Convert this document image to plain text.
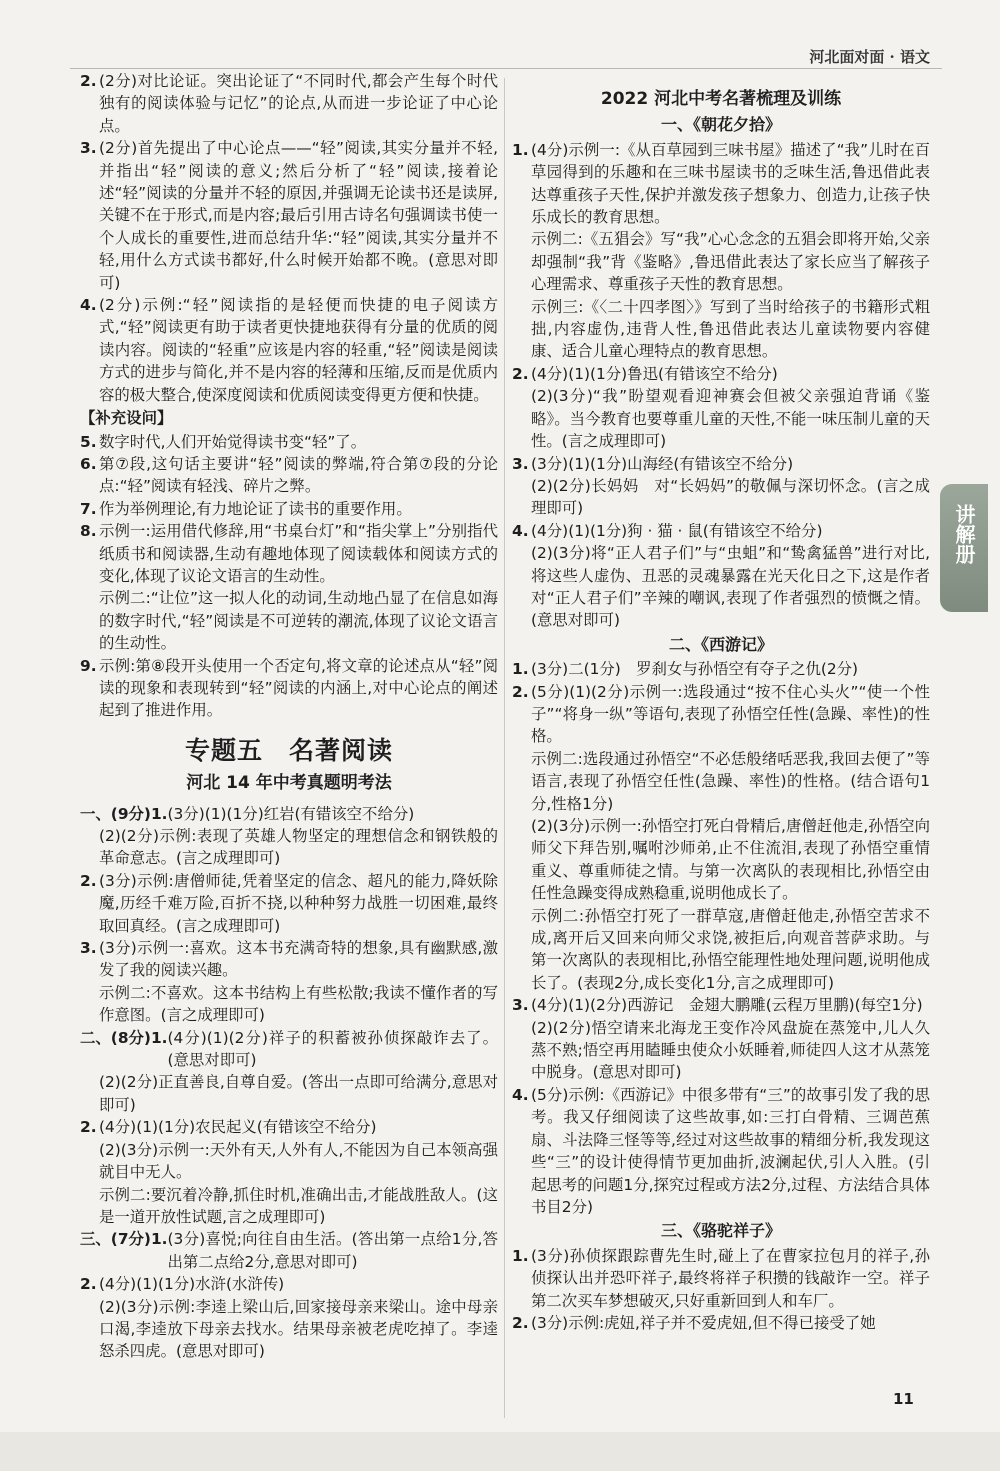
河北面对面 · 语文
2. (2分)对比论证。突出论证了“不同时代,都会产生每个时代独有的阅读体验与记忆”的论点,从而进一步论证了中心论点。
3. (2分)首先提出了中心论点——“轻”阅读,其实分量并不轻,并指出“轻”阅读的意义;然后分析了“轻”阅读,接着论述“轻”阅读的分量并不轻的原因,并强调无论读书还是读屏,关键不在于形式,而是内容;最后引用古诗名句强调读书使一个人成长的重要性,进而总结升华:“轻”阅读,其实分量并不轻,用什么方式读书都好,什么时候开始都不晚。(意思对即可)
4. (2分)示例:“轻”阅读指的是轻便而快捷的电子阅读方式,“轻”阅读更有助于读者更快捷地获得有分量的优质的阅读内容。阅读的“轻重”应该是内容的轻重,“轻”阅读是阅读方式的进步与简化,并不是内容的轻薄和压缩,反而是优质内容的极大整合,使深度阅读和优质阅读变得更方便和快捷。
【补充设问】
5. 数字时代,人们开始觉得读书变“轻”了。
6. 第⑦段,这句话主要讲“轻”阅读的弊端,符合第⑦段的分论点:“轻”阅读有轻浅、碎片之弊。
7. 作为举例理论,有力地论证了读书的重要作用。
8. 示例一:运用借代修辞,用“书桌台灯”和“指尖掌上”分别指代纸质书和阅读器,生动有趣地体现了阅读载体和阅读方式的变化,体现了议论文语言的生动性。
示例二:“让位”这一拟人化的动词,生动地凸显了在信息如海的数字时代,“轻”阅读是不可逆转的潮流,体现了议论文语言的生动性。
9. 示例:第⑧段开头使用一个否定句,将文章的论述点从“轻”阅读的现象和表现转到“轻”阅读的内涵上,对中心论点的阐述起到了推进作用。
专题五　名著阅读
河北 14 年中考真题明考法
一、(9分)1. (3分)(1)(1分)红岩(有错该空不给分)
(2)(2分)示例:表现了英雄人物坚定的理想信念和钢铁般的革命意志。(言之成理即可)
2. (3分)示例:唐僧师徒,凭着坚定的信念、超凡的能力,降妖除魔,历经千难万险,百折不挠,以种种努力战胜一切困难,最终取回真经。(言之成理即可)
3. (3分)示例一:喜欢。这本书充满奇特的想象,具有幽默感,激发了我的阅读兴趣。
示例二:不喜欢。这本书结构上有些松散;我读不懂作者的写作意图。(言之成理即可)
二、(8分)1. (4分)(1)(2分)祥子的积蓄被孙侦探敲诈去了。(意思对即可)
(2)(2分)正直善良,自尊自爱。(答出一点即可给满分,意思对即可)
2. (4分)(1)(1分)农民起义(有错该空不给分)
(2)(3分)示例一:天外有天,人外有人,不能因为自己本领高强就目中无人。
示例二:要沉着冷静,抓住时机,准确出击,才能战胜敌人。(这是一道开放性试题,言之成理即可)
三、(7分)1. (3分)喜悦;向往自由生活。(答出第一点给1分,答出第二点给2分,意思对即可)
2. (4分)(1)(1分)水浒(水浒传)
(2)(3分)示例:李逵上梁山后,回家接母亲来梁山。途中母亲口渴,李逵放下母亲去找水。结果母亲被老虎吃掉了。李逵怒杀四虎。(意思对即可)
2022 河北中考名著梳理及训练
一、《朝花夕拾》
1. (4分)示例一:《从百草园到三味书屋》描述了“我”儿时在百草园得到的乐趣和在三味书屋读书的乏味生活,鲁迅借此表达尊重孩子天性,保护并激发孩子想象力、创造力,让孩子快乐成长的教育思想。
示例二:《五猖会》写“我”心心念念的五猖会即将开始,父亲却强制“我”背《鉴略》,鲁迅借此表达了家长应当了解孩子心理需求、尊重孩子天性的教育思想。
示例三:《〈二十四孝图〉》写到了当时给孩子的书籍形式粗拙,内容虚伪,违背人性,鲁迅借此表达儿童读物要内容健康、适合儿童心理特点的教育思想。
2. (4分)(1)(1分)鲁迅(有错该空不给分)
(2)(3分)“我”盼望观看迎神赛会但被父亲强迫背诵《鉴略》。当今教育也要尊重儿童的天性,不能一味压制儿童的天性。(言之成理即可)
3. (3分)(1)(1分)山海经(有错该空不给分)
(2)(2分)长妈妈　对“长妈妈”的敬佩与深切怀念。(言之成理即可)
4. (4分)(1)(1分)狗 · 猫 · 鼠(有错该空不给分)
(2)(3分)将“正人君子们”与“虫蛆”和“鸷禽猛兽”进行对比,将这些人虚伪、丑恶的灵魂暴露在光天化日之下,这是作者对“正人君子们”辛辣的嘲讽,表现了作者强烈的愤慨之情。(意思对即可)
二、《西游记》
1. (3分)二(1分)　罗刹女与孙悟空有夺子之仇(2分)
2. (5分)(1)(2分)示例一:选段通过“按不住心头火”“使一个性子”“将身一纵”等语句,表现了孙悟空任性(急躁、率性)的性格。
示例二:选段通过孙悟空“不必恁般绪咶恶我,我回去便了”等语言,表现了孙悟空任性(急躁、率性)的性格。(结合语句1分,性格1分)
(2)(3分)示例一:孙悟空打死白骨精后,唐僧赶他走,孙悟空向师父下拜告别,嘱咐沙师弟,止不住流泪,表现了孙悟空重情重义、尊重师徒之情。与第一次离队的表现相比,孙悟空由任性急躁变得成熟稳重,说明他成长了。
示例二:孙悟空打死了一群草寇,唐僧赶他走,孙悟空苦求不成,离开后又回来向师父求饶,被拒后,向观音菩萨求助。与第一次离队的表现相比,孙悟空能理性地处理问题,说明他成长了。(表现2分,成长变化1分,言之成理即可)
3. (4分)(1)(2分)西游记　金翅大鹏雕(云程万里鹏)(每空1分)
(2)(2分)悟空请来北海龙王变作冷风盘旋在蒸笼中,儿人久蒸不熟;悟空再用瞌睡虫使众小妖睡着,师徒四人这才从蒸笼中脱身。(意思对即可)
4. (5分)示例:《西游记》中很多带有“三”的故事引发了我的思考。我又仔细阅读了这些故事,如:三打白骨精、三调芭蕉扇、斗法降三怪等等,经过对这些故事的精细分析,我发现这些“三”的设计使得情节更加曲折,波澜起伏,引人入胜。(引起思考的问题1分,探究过程或方法2分,过程、方法结合具体书目2分)
三、《骆驼祥子》
1. (3分)孙侦探跟踪曹先生时,碰上了在曹家拉包月的祥子,孙侦探认出并恐吓祥子,最终将祥子积攒的钱敲诈一空。祥子第二次买车梦想破灭,只好重新回到人和车厂。
2. (3分)示例:虎妞,祥子并不爱虎妞,但不得已接受了她
讲解册
11
